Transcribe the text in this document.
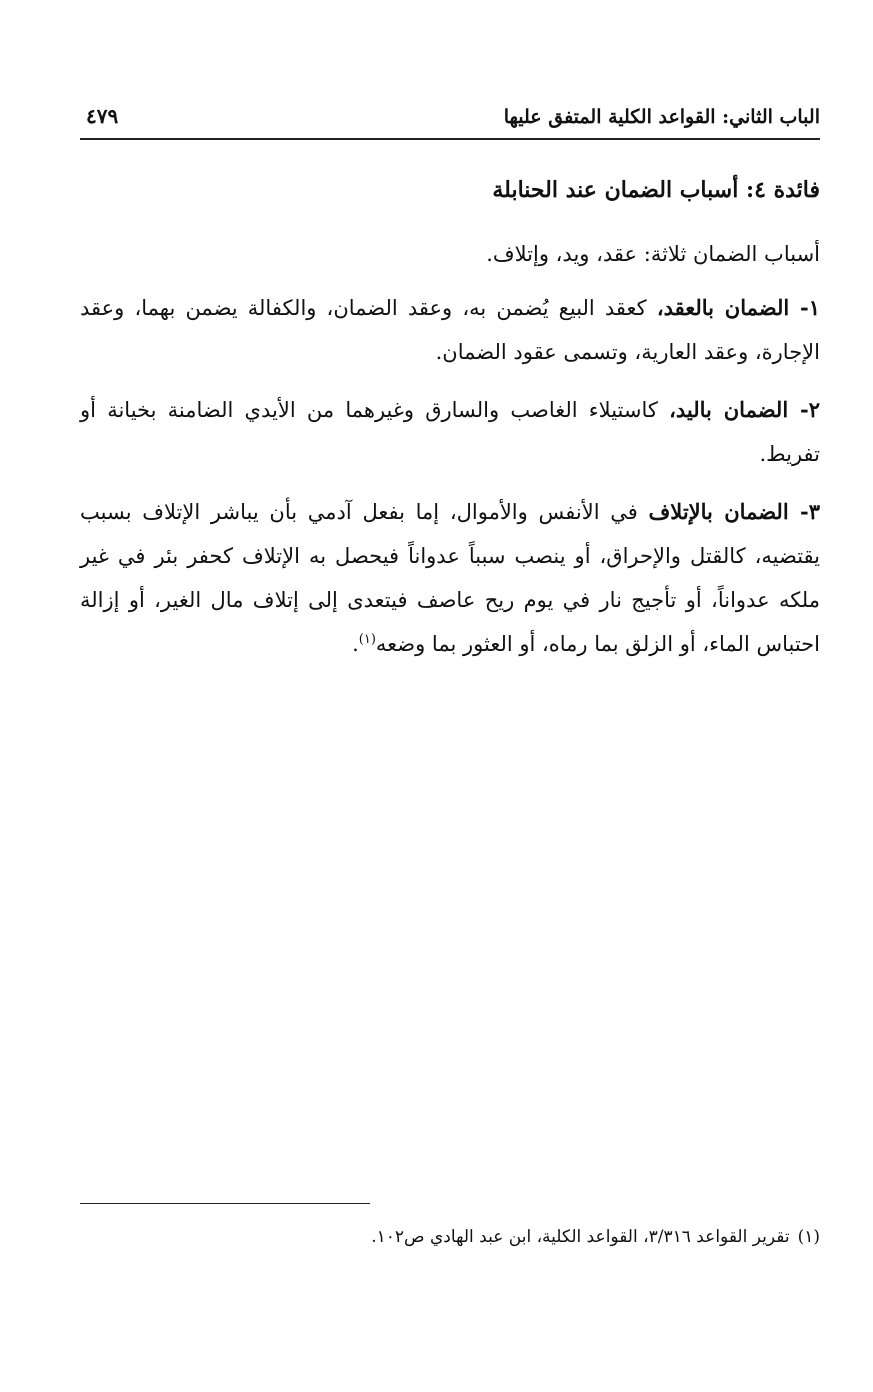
الباب الثاني: القواعد الكلية المتفق عليها
٤٧٩
فائدة ٤: أسباب الضمان عند الحنابلة

أسباب الضمان ثلاثة: عقد، ويد، وإتلاف.

١- الضمان بالعقد، كعقد البيع يُضمن به، وعقد الضمان، والكفالة يضمن بهما، وعقد الإجارة، وعقد العارية، وتسمى عقود الضمان.

٢- الضمان باليد، كاستيلاء الغاصب والسارق وغيرهما من الأيدي الضامنة بخيانة أو تفريط.

٣- الضمان بالإتلاف في الأنفس والأموال، إما بفعل آدمي بأن يباشر الإتلاف بسبب يقتضيه، كالقتل والإحراق، أو ينصب سبباً عدواناً فيحصل به الإتلاف كحفر بئر في غير ملكه عدواناً، أو تأجيج نار في يوم ريح عاصف فيتعدى إلى إتلاف مال الغير، أو إزالة احتباس الماء، أو الزلق بما رماه، أو العثور بما وضعه$^{(١)}$.

(١)تقرير القواعد ٣/٣١٦، القواعد الكلية، ابن عبد الهادي ص١٠٢.
